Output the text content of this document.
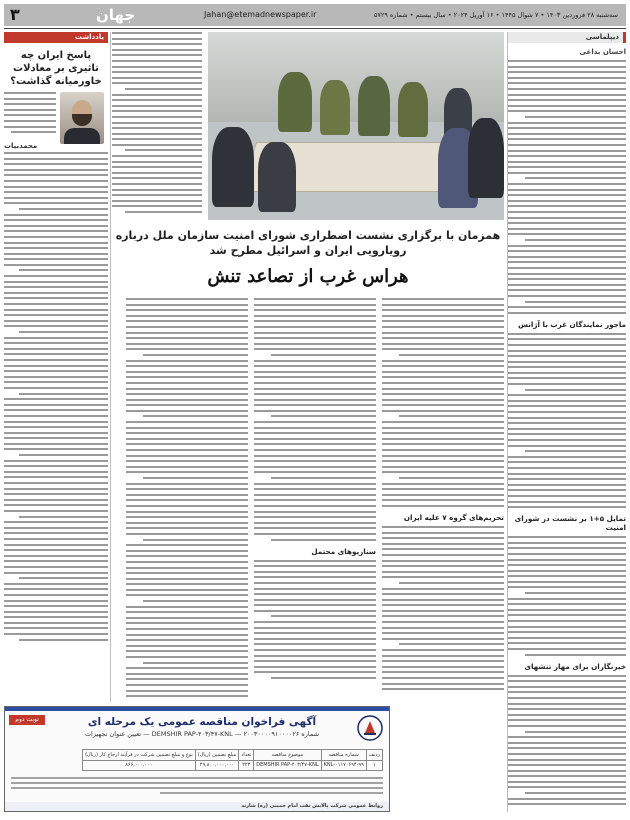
۳	جهان	Jahan@etemadnewspaper.ir	سه‌شنبه ۲۸ فروردین ۱۴۰۳ • ۷ شوال ۱۴۴۵ • ۱۶ آوریل ۲۰۲۴ • سال بیستم • شماره ۵۷۲۹
یادداشت
پاسخ ایران چه تاثیری بر معادلات خاورمیانه گذاشت؟
محمدبیات
همزمان با برگزاری نشست اضطراری شورای امنیت سازمان ملل درباره رویارویی ایران و اسرائیل مطرح شد
هراس غرب از تصاعد تنش
تحریم‌های گروه ۷ علیه ایران
سناریوهای محتمل
دیپلماسی
احسان بداغی
ماجور نمایندگان غرب با آژانس
تمایل ۵+۱ بر نشست در شورای امنیت
خبرنگاران برای مهار تنشهای
نوبت دوم	آگهی فراخوان مناقصه عمومی یک مرحله ای
شماره ۲۰۰۳۰۰۰۰۹۱۰۰۰۰۲۶ — DEMSHIR PAP-۴۰۳/۴۷-KNL — تعیین عنوان تجهیزات
ردیف	شماره مناقصه	موضوع مناقصه	تعداد	مبلغ تضمین (ریال)	نوع و مبلغ تضمین شرکت در فرآیند ارجاع کار (ریال)
۱	KNL-۰۱۱۷۰۶۹۴-۹۹	DEMSHIR PAP-۴۰۳/۴۷-KNL	۲۲۳	۴۹,۸۰۰,۰۰۰,۰۰۰	۸۶۶,۰۰۰,۰۰۰
روابط عمومی شرکت پالایش نفت امام خمینی (ره) شازند
